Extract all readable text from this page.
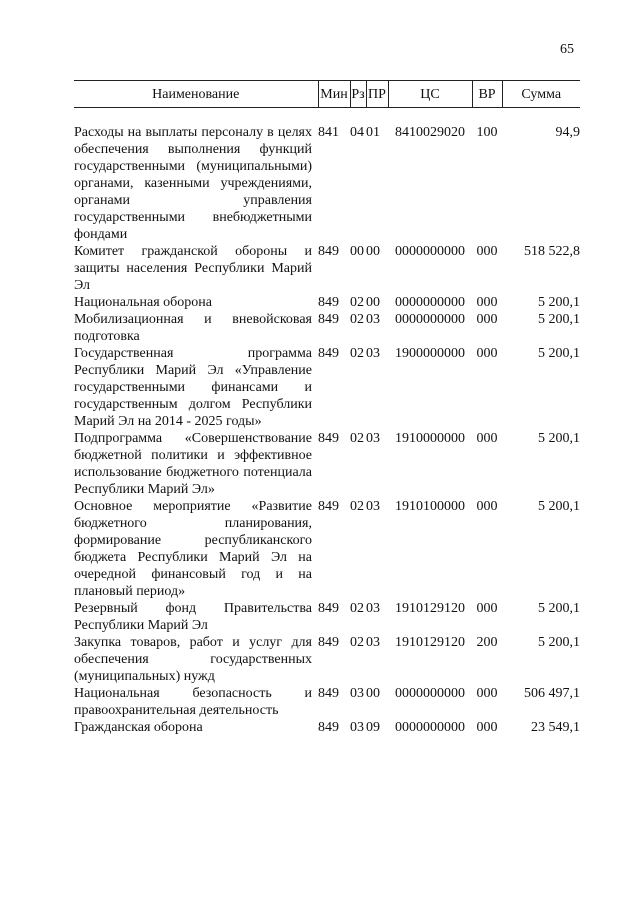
65
Наименование	Мин	Рз	ПР	ЦС	ВР	Сумма
Расходы на выплаты персоналу в целях обеспечения выполнения функций государственными (муниципальными) органами, казенными учреждениями, органами управления государственными внебюджетными фондами	841	04	01	8410029020	100	94,9
Комитет гражданской обороны и защиты населения Республики Марий Эл	849	00	00	0000000000	000	518 522,8
Национальная оборона	849	02	00	0000000000	000	5 200,1
Мобилизационная и вневойсковая подготовка	849	02	03	0000000000	000	5 200,1
Государственная программа Республики Марий Эл «Управление государственными финансами и государственным долгом Республики Марий Эл на 2014 - 2025 годы»	849	02	03	1900000000	000	5 200,1
Подпрограмма «Совершенствование бюджетной политики и эффективное использование бюджетного потенциала Республики Марий Эл»	849	02	03	1910000000	000	5 200,1
Основное мероприятие «Развитие бюджетного планирования, формирование республиканского бюджета Республики Марий Эл на очередной финансовый год и на плановый период»	849	02	03	1910100000	000	5 200,1
Резервный фонд Правительства Республики Марий Эл	849	02	03	1910129120	000	5 200,1
Закупка товаров, работ и услуг для обеспечения государственных (муниципальных) нужд	849	02	03	1910129120	200	5 200,1
Национальная безопасность и правоохранительная деятельность	849	03	00	0000000000	000	506 497,1
Гражданская оборона	849	03	09	0000000000	000	23 549,1
